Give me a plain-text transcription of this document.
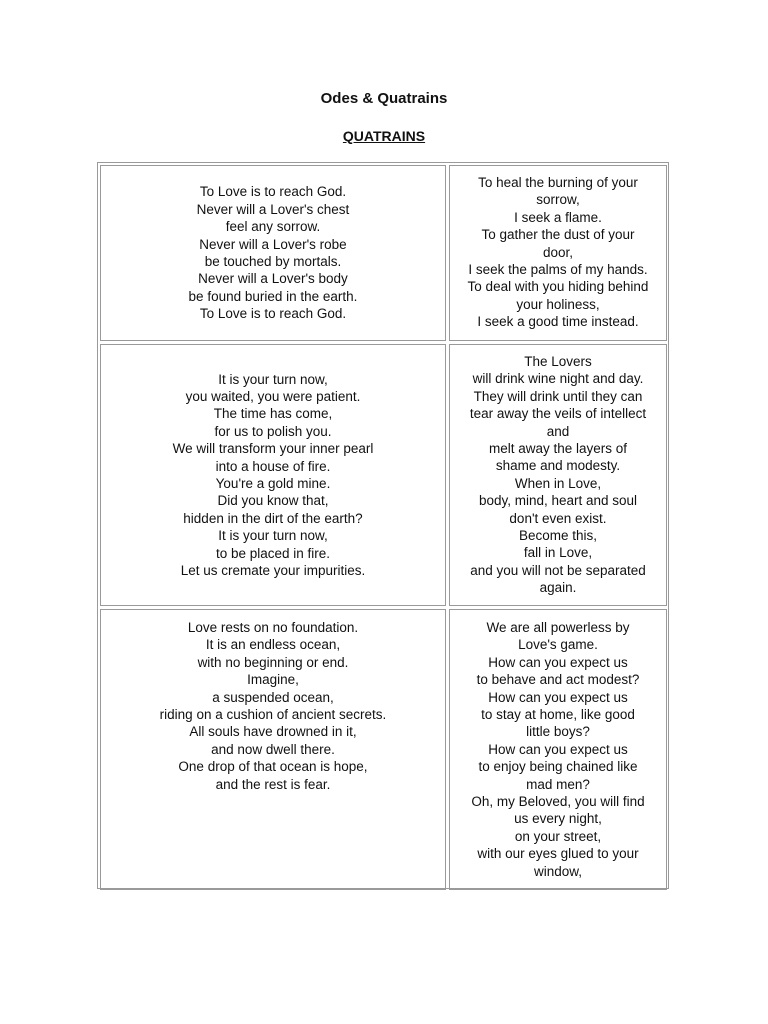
Odes & Quatrains
QUATRAINS
To Love is to reach God.
Never will a Lover's chest
feel any sorrow.
Never will a Lover's robe
be touched by mortals.
Never will a Lover's body
be found buried in the earth.
To Love is to reach God.
To heal the burning of your
sorrow,
I seek a flame.
To gather the dust of your
door,
I seek the palms of my hands.
To deal with you hiding behind
your holiness,
I seek a good time instead.
It is your turn now,
you waited, you were patient.
The time has come,
for us to polish you.
We will transform your inner pearl
into a house of fire.
You're a gold mine.
Did you know that,
hidden in the dirt of the earth?
It is your turn now,
to be placed in fire.
Let us cremate your impurities.
The Lovers
will drink wine night and day.
They will drink until they can
tear away the veils of intellect
and
melt away the layers of
shame and modesty.
When in Love,
body, mind, heart and soul
don't even exist.
Become this,
fall in Love,
and you will not be separated
again.
Love rests on no foundation.
It is an endless ocean,
with no beginning or end.
Imagine,
a suspended ocean,
riding on a cushion of ancient secrets.
All souls have drowned in it,
and now dwell there.
One drop of that ocean is hope,
and the rest is fear.
We are all powerless by
Love's game.
How can you expect us
to behave and act modest?
How can you expect us
to stay at home, like good
little boys?
How can you expect us
to enjoy being chained like
mad men?
Oh, my Beloved, you will find
us every night,
on your street,
with our eyes glued to your
window,
